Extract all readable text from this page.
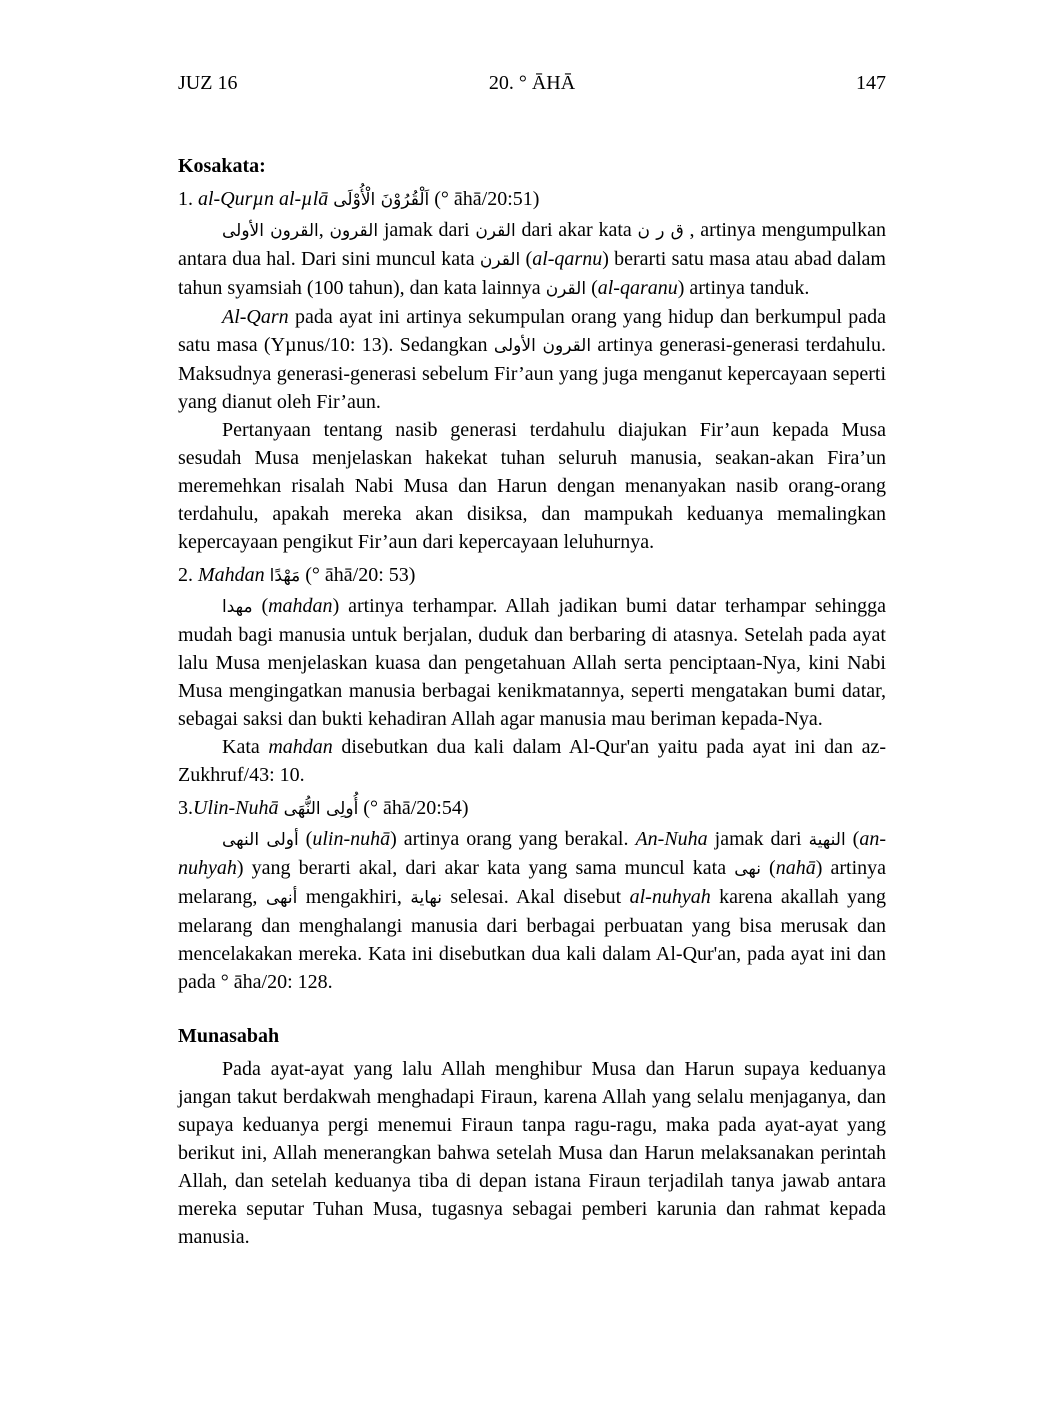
JUZ 16	20. ° ĀHĀ	147
Kosakata:

1. al-Qurµn al-µlā اَلْقُرُوْنَ الْأُوْلَى (° āhā/20:51)

القرون الأولى, القرون jamak dari القرن dari akar kata ق ر ن , artinya mengumpulkan antara dua hal. Dari sini muncul kata القرن (al-qarnu) berarti satu masa atau abad dalam tahun syamsiah (100 tahun), dan kata lainnya القرن (al-qaranu) artinya tanduk.

Al-Qarn pada ayat ini artinya sekumpulan orang yang hidup dan berkumpul pada satu masa (Yµnus/10: 13). Sedangkan القرون الأولى artinya generasi-generasi terdahulu. Maksudnya generasi-generasi sebelum Fir’aun yang juga menganut kepercayaan seperti yang dianut oleh Fir’aun.

Pertanyaan tentang nasib generasi terdahulu diajukan Fir’aun kepada Musa sesudah Musa menjelaskan hakekat tuhan seluruh manusia, seakan-akan Fira’un meremehkan risalah Nabi Musa dan Harun dengan menanyakan nasib orang-orang terdahulu, apakah mereka akan disiksa, dan mampukah keduanya memalingkan kepercayaan pengikut Fir’aun dari kepercayaan leluhurnya.

2. Mahdan مَهْدًا (° āhā/20: 53)

مهدا (mahdan) artinya terhampar. Allah jadikan bumi datar terhampar sehingga mudah bagi manusia untuk berjalan, duduk dan berbaring di atasnya. Setelah pada ayat lalu Musa menjelaskan kuasa dan pengetahuan Allah serta penciptaan-Nya, kini Nabi Musa mengingatkan manusia berbagai kenikmatannya, seperti mengatakan bumi datar, sebagai saksi dan bukti kehadiran Allah agar manusia mau beriman kepada-Nya.

Kata mahdan disebutkan dua kali dalam Al-Qur'an yaitu pada ayat ini dan az-Zukhruf/43: 10.

3.Ulin-Nuhā أُولِى النُّهَى (° āhā/20:54)

أولى النهى (ulin-nuhā) artinya orang yang berakal. An-Nuha jamak dari النهية (an-nuhyah) yang berarti akal, dari akar kata yang sama muncul kata نهى (nahā) artinya melarang, أنهى mengakhiri, نهاية selesai. Akal disebut al-nuhyah karena akallah yang melarang dan menghalangi manusia dari berbagai perbuatan yang bisa merusak dan mencelakakan mereka. Kata ini disebutkan dua kali dalam Al-Qur'an, pada ayat ini dan pada ° āha/20: 128.

Munasabah

Pada ayat-ayat yang lalu Allah menghibur Musa dan Harun supaya keduanya jangan takut berdakwah menghadapi Firaun, karena Allah yang selalu menjaganya, dan supaya keduanya pergi menemui Firaun tanpa ragu-ragu, maka pada ayat-ayat yang berikut ini, Allah menerangkan bahwa setelah Musa dan Harun melaksanakan perintah Allah, dan setelah keduanya tiba di depan istana Firaun terjadilah tanya jawab antara mereka seputar Tuhan Musa, tugasnya sebagai pemberi karunia dan rahmat kepada manusia.
